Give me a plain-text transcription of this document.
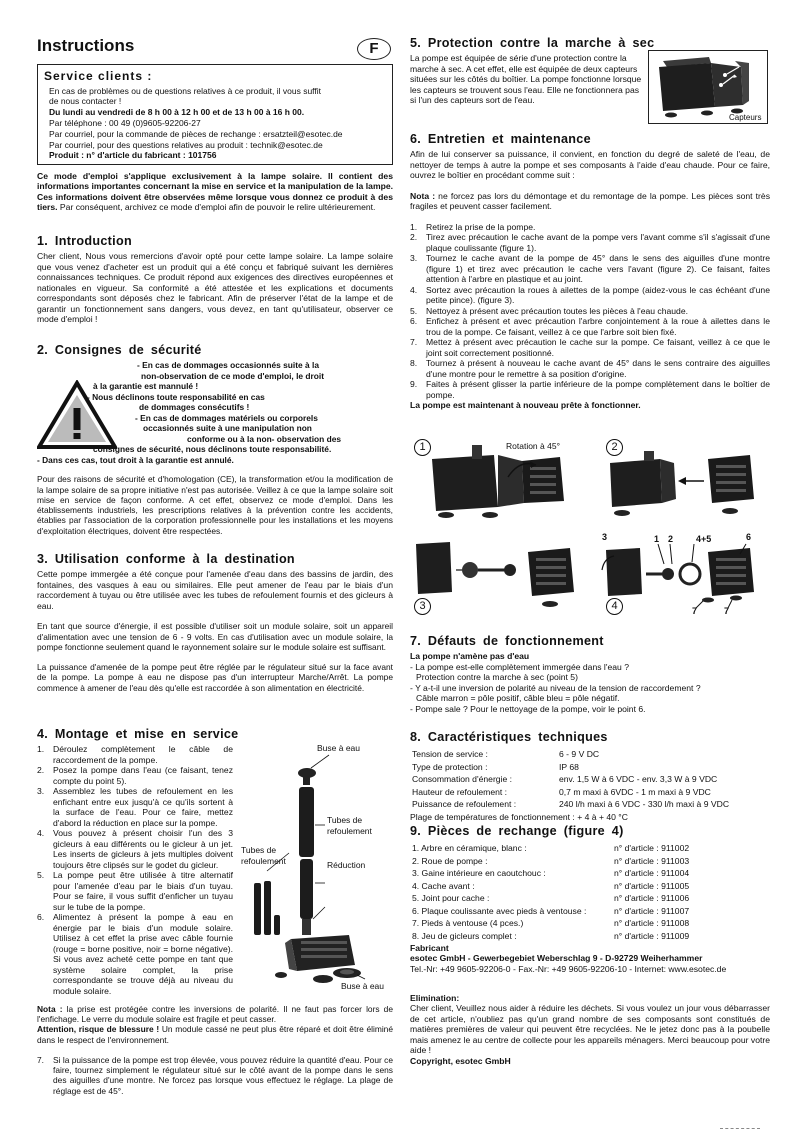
Instructions	F
Service clients :

En cas de problèmes ou de questions relatives à ce produit, il vous suffit

de nous contacter !

Du lundi au vendredi de 8 h 00 à 12 h 00 et de 13 h 00 à 16 h 00.

Par téléphone : 00 49 (0)9605-92206-27

Par courriel, pour la commande de pièces de rechange : ersatzteil@esotec.de

Par courriel, pour des questions relatives au produit : technik@esotec.de

Produit : n° d'article du fabricant : 101756

Ce mode d'emploi s'applique exclusivement à la lampe solaire. Il contient des informations importantes concernant la mise en service et la manipulation de la lampe. Ces informations doivent être observées même lorsque vous donnez ce produit à des tiers. Par conséquent, archivez ce mode d'emploi afin de pouvoir le relire ultérieurement.
1. Introduction

Cher client, Nous vous remercions d'avoir opté pour cette lampe solaire. La lampe solaire que vous venez d'acheter est un produit qui a été conçu et fabriqué suivant les dernières connaissances techniques. Ce produit répond aux exigences des directives européennes et nationales en vigueur. Sa conformité a été attestée et les explications et documents correspondants sont déposés chez le fabricant. Afin de préserver l'état de la lampe et de garantir un fonctionnement sans dangers, vous devez, en tant qu'utilisateur, observer ce mode d'emploi !

2. Consignes de sécurité
- En cas de dommages occasionnés suite à la
non-observation de ce mode d'emploi, le droit
à la garantie est mannulé !
- Nous déclinons toute responsabilité en cas
de dommages consécutifs !
- En cas de dommages matériels ou corporels
occasionnés suite à une manipulation non
conforme ou à la non- observation des
consignes de sécurité, nous déclinons toute responsabilité.
- Dans ces cas, tout droit à la garantie est annulé.

Pour des raisons de sécurité et d'homologation (CE), la transformation et/ou la modification de la lampe solaire de sa propre initiative n'est pas autorisée. Veillez à ce que la lampe solaire soit mise en service de façon conforme. A cet effet, observez ce mode d'emploi. Dans les établissements industriels, les prescriptions relatives à la prévention contre les accidents, établies par l'association de la corporation professionnelle pour les installations et les moyens d'exploitation électriques, doivent être respectées.

3. Utilisation conforme à la destination

Cette pompe immergée a été conçue pour l'amenée d'eau dans des bassins de jardin, des fontaines, des vasques à eau ou similaires. Elle peut amener de l'eau par le biais d'un raccordement à tuyau ou être utilisée avec les tubes de refoulement fournis et des gicleurs à eau.

En tant que source d'énergie, il est possible d'utiliser soit un module solaire, soit un appareil d'alimentation avec une tension de 6 - 9 volts. En cas d'utilisation avec un module solaire, la pompe fonctionne seulement quand le rayonnement solaire sur le module solaire est suffisant.

La puissance d'amenée de la pompe peut être réglée par le régulateur situé sur la face avant de la pompe. La pompe à eau ne dispose pas d'un interrupteur Marche/Arrêt. La pompe commence à amener de l'eau dès qu'elle est raccordée à son alimentation en électricité.

4. Montage et mise en service
1. Déroulez complètement le câble de raccordement de la pompe.
2. Posez la pompe dans l'eau (ce faisant, tenez compte du point 5).
3. Assemblez les tubes de refoulement en les enfichant entre eux jusqu'à ce qu'ils sortent à la surface de l'eau. Pour ce faire, mettez d'abord la réduction en place sur la pompe.
4. Vous pouvez à présent choisir l'un des 3 gicleurs à eau différents ou le gicleur à un jet. Les inserts de gicleurs à jets multiples doivent toujours être clipsés sur le godet du gicleur.
5. La pompe peut être utilisée à titre alternatif pour l'amenée d'eau par le biais d'un tuyau. Pour se faire, il vous suffit d'enficher un tuyau sur le tube de la pompe.
6. Alimentez à présent la pompe à eau en énergie par le biais d'un module solaire. Utilisez à cet effet la prise avec câble fournie (rouge = borne positive, noir = borne négative). Si vous avez acheté cette pompe en tant que système solaire complet, la prise correspondante se trouve déjà au niveau du module solaire.
Buse à eau
Tubes de
refoulement
Tubes de
refoulement	Réduction
Buse à eau

Nota : la prise est protégée contre les inversions de polarité. Il ne faut pas forcer lors de l'enfichage. Le verre du module solaire est fragile et peut casser.

Attention, risque de blessure ! Un module cassé ne peut plus être réparé et doit être éliminé dans le respect de l'environnement.

7. Si la puissance de la pompe est trop élevée, vous pouvez réduire la quantité d'eau. Pour ce faire, tournez simplement le régulateur situé sur le côté avant de la pompe dans le sens des aiguilles d'une montre. Ne forcez pas lorsque vous effectuez le réglage. La plage de réglage est de 45°.
5. Protection contre la marche à sec

La pompe est équipée de série d'une protection contre la marche à sec. A cet effet, elle est équipée de deux capteurs situées sur les côtés du boîtier. La pompe fonctionne lorsque les capteurs se trouvent sous l'eau. Elle ne fonctionnera pas si l'un des capteurs sort de l'eau.

Capteurs
6. Entretien et maintenance

Afin de lui conserver sa puissance, il convient, en fonction du degré de saleté de l'eau, de nettoyer de temps à autre la pompe et ses composants à l'aide d'eau chaude. Pour ce faire, ouvrez le boîtier en procédant comme suit :

Nota : ne forcez pas lors du démontage et du remontage de la pompe. Les pièces sont très fragiles et peuvent casser facilement.

1. Retirez la prise de la pompe.
2. Tirez avec précaution le cache avant de la pompe vers l'avant comme s'il s'agissait d'une plaque coulissante (figure 1).
3. Tournez le cache avant de la pompe de 45° dans le sens des aiguilles d'une montre (figure 1) et tirez avec précaution le cache vers l'avant (figure 2). Ce faisant, faites attention à l'arbre en plastique et au joint.
4. Sortez avec précaution la roues à ailettes de la pompe (aidez-vous le cas échéant d'une petite pince). (figure 3).
5. Nettoyez à présent avec précaution toutes les pièces à l'eau chaude.
6. Enfichez à présent et avec précaution l'arbre conjointement à la roue à ailettes dans le trou de la pompe. Ce faisant, veillez à ce que l'arbre soit bien fixé.
7. Mettez à présent avec précaution le cache sur la pompe. Ce faisant, veillez à ce que le joint soit correctement positionné.
8. Tournez à présent à nouveau le cache avant de 45° dans le sens contraire des aiguilles d'une montre pour le remettre à sa position d'origine.
9. Faites à présent glisser la partie inférieure de la pompe complètement dans le boîtier de pompe.

La pompe est maintenant à nouveau prête à fonctionner.

1	Rotation à 45°	2
3	4
3	1 2	4+5	6
7	7
7. Défauts de fonctionnement

La pompe n'amène pas d'eau

- La pompe est-elle complètement immergée dans l'eau ?

Protection contre la marche à sec (point 5)

- Y a-t-il une inversion de polarité au niveau de la tension de raccordement ?

Câble marron = pôle positif, câble bleu = pôle négatif.

- Pompe sale ? Pour le nettoyage de la pompe, voir le point 6.

8. Caractéristiques techniques
Tension de service :	6 - 9 V DC
Type de protection :	IP 68
Consommation d'énergie :	env. 1,5 W à 6 VDC - env. 3,3 W à 9 VDC
Hauteur de refoulement :	0,7 m maxi à 6VDC - 1 m maxi à 9 VDC
Puissance de refoulement :	240 l/h maxi à 6 VDC - 330 l/h maxi à 9 VDC

Plage de températures de fonctionnement : + 4 à + 40 °C

9. Pièces de rechange (figure 4)
1. Arbre en céramique, blanc :	n° d'article : 911002
2. Roue de pompe :	n° d'article : 911003
3. Gaine intérieure en caoutchouc :	n° d'article : 911004
4. Cache avant :	n° d'article : 911005
5. Joint pour cache :	n° d'article : 911006
6. Plaque coulissante avec pieds à ventouse :	n° d'article : 911007
7. Pieds à ventouse (4 pces.)	n° d'article : 911008
8. Jeu de gicleurs complet :	n° d'article : 911009

Fabricant

esotec GmbH - Gewerbegebiet Weberschlag 9 - D-92729 Weiherhammer

Tel.-Nr: +49 9605-92206-0 - Fax.-Nr: +49 9605-92206-10 - Internet: www.esotec.de

Elimination:

Cher client, Veuillez nous aider à réduire les déchets. Si vous voulez un jour vous débarrasser de cet article, n'oubliez pas qu'un grand nombre de ses composants sont constitués de matières premières de valeur qui peuvent être recyclées. Ne le jetez donc pas à la poubelle mais amenez le au centre de collecte pour les appareils ménagers. Merci beaucoup pour votre aide !

Copyright, esotec GmbH
